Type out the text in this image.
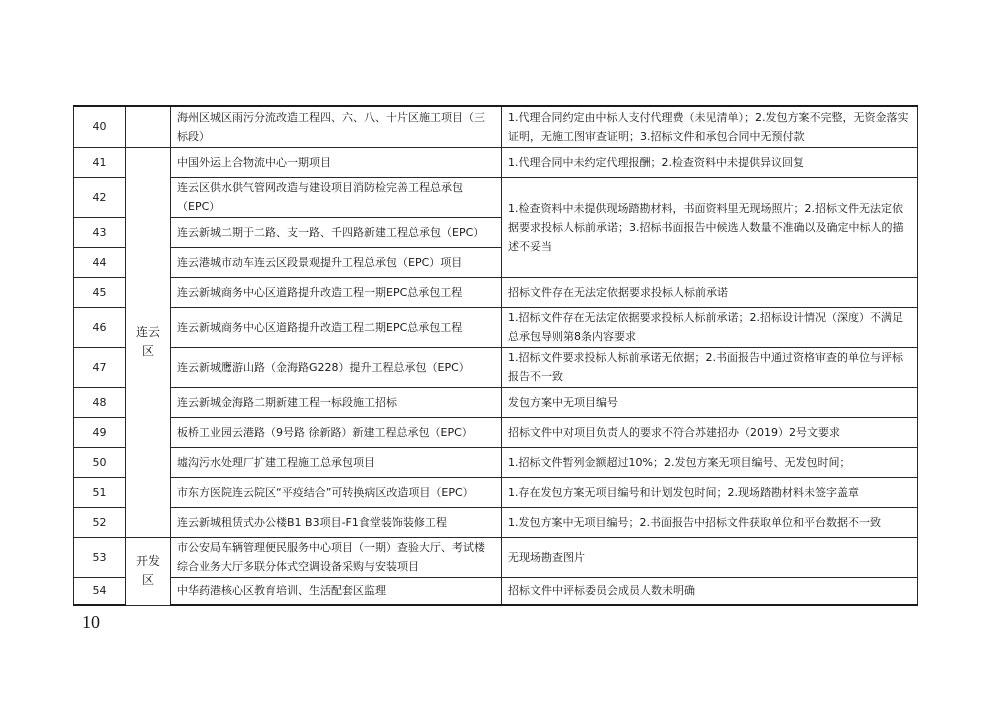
40		海州区城区雨污分流改造工程四、六、八、十片区施工项目（三标段）	1.代理合同约定由中标人支付代理费（未见清单）；2.发包方案不完整，无资金落实证明，无施工图审查证明；3.招标文件和承包合同中无预付款
41	连云区	中国外运上合物流中心一期项目	1.代理合同中未约定代理报酬；2.检查资料中未提供异议回复
42		连云区供水供气管网改造与建设项目消防检完善工程总承包（EPC）	1.检查资料中未提供现场踏勘材料，书面资料里无现场照片；2.招标文件无法定依据要求投标人标前承诺；3.招标书面报告中候选人数量不准确以及确定中标人的描述不妥当
43		连云新城二期于二路、支一路、千四路新建工程总承包（EPC）	
44		连云港城市动车连云区段景观提升工程总承包（EPC）项目	
45		连云新城商务中心区道路提升改造工程一期EPC总承包工程	招标文件存在无法定依据要求投标人标前承诺
46		连云新城商务中心区道路提升改造工程二期EPC总承包工程	1.招标文件存在无法定依据要求投标人标前承诺；2.招标设计情况（深度）不满足总承包导则第8条内容要求
47		连云新城鹰游山路（金海路G228）提升工程总承包（EPC）	1.招标文件要求投标人标前承诺无依据；2.书面报告中通过资格审查的单位与评标报告不一致
48		连云新城金海路二期新建工程一标段施工招标	发包方案中无项目编号
49		板桥工业园云港路（9号路 徐新路）新建工程总承包（EPC）	招标文件中对项目负责人的要求不符合苏建招办（2019）2号文要求
50		墟沟污水处理厂扩建工程施工总承包项目	1.招标文件暂列金额超过10%；2.发包方案无项目编号、无发包时间；
51		市东方医院连云院区“平疫结合”可转换病区改造项目（EPC）	1.存在发包方案无项目编号和计划发包时间；2.现场踏勘材料未签字盖章
52		连云新城租赁式办公楼B1 B3项目-F1食堂装饰装修工程	1.发包方案中无项目编号；2.书面报告中招标文件获取单位和平台数据不一致
53	开发区	市公安局车辆管理便民服务中心项目（一期）查验大厅、考试楼综合业务大厅多联分体式空调设备采购与安装项目	无现场勘查图片
54		中华药港核心区教育培训、生活配套区监理	招标文件中评标委员会成员人数未明确
10
